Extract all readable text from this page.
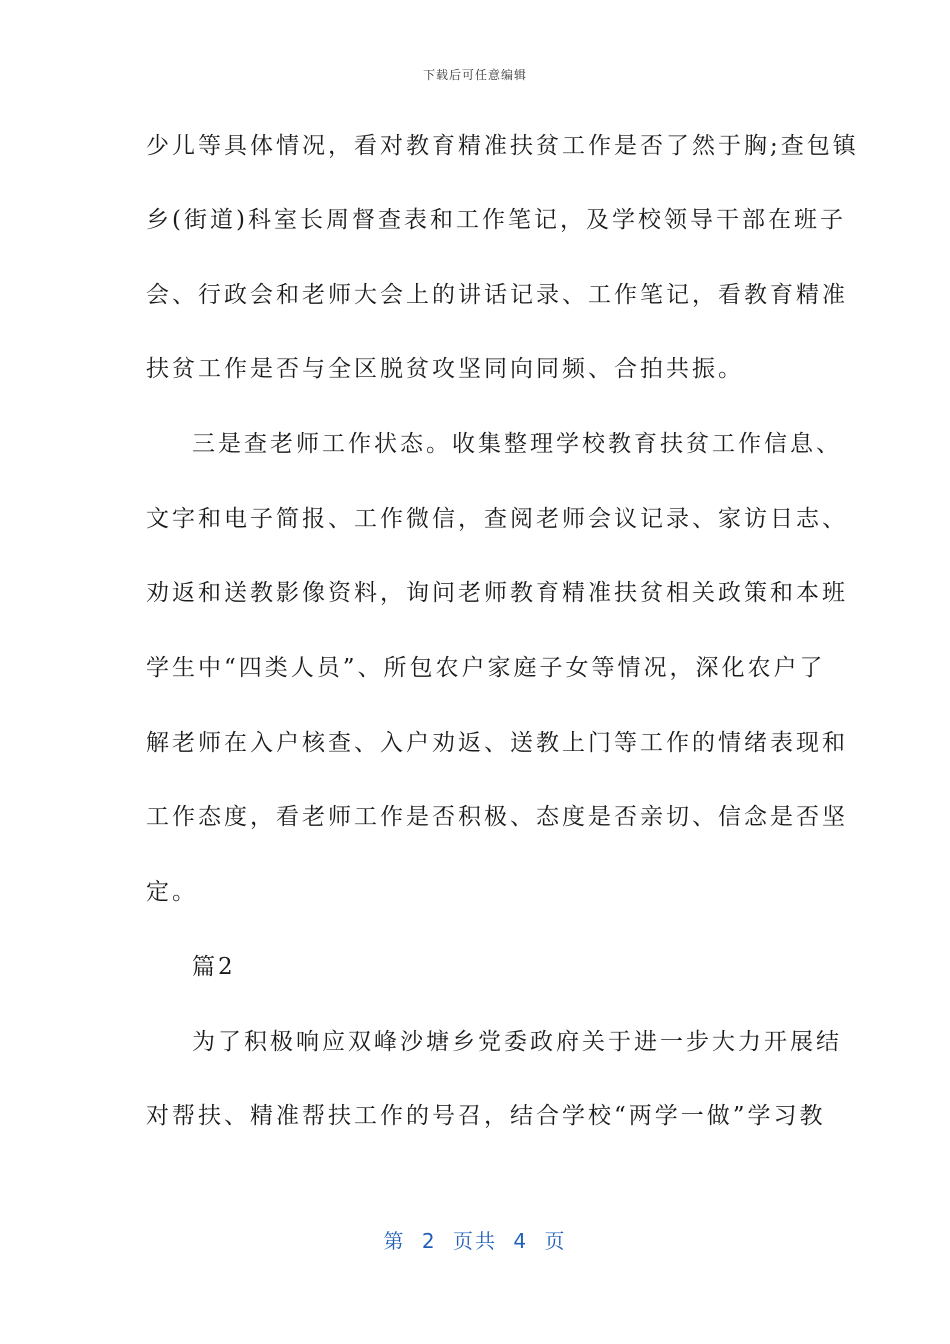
下载后可任意编辑
少儿等具体情况，看对教育精准扶贫工作是否了然于胸;查包镇
乡(街道)科室长周督查表和工作笔记，及学校领导干部在班子
会、行政会和老师大会上的讲话记录、工作笔记，看教育精准
扶贫工作是否与全区脱贫攻坚同向同频、合拍共振。
三是查老师工作状态。收集整理学校教育扶贫工作信息、
文字和电子简报、工作微信，查阅老师会议记录、家访日志、
劝返和送教影像资料，询问老师教育精准扶贫相关政策和本班
学生中“四类人员”、所包农户家庭子女等情况，深化农户了
解老师在入户核查、入户劝返、送教上门等工作的情绪表现和
工作态度，看老师工作是否积极、态度是否亲切、信念是否坚
定。
篇2
为了积极响应双峰沙塘乡党委政府关于进一步大力开展结
对帮扶、精准帮扶工作的号召，结合学校“两学一做”学习教
第 2 页共 4 页
